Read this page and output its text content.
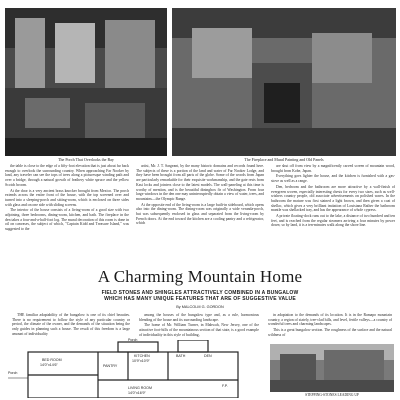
The Porch That Overlooks the Bay	The Fireplace and Mural Painting and Old Panels

the table is close to the edge of a fifty-foot elevation that is just about far back enough to overlook the surrounding country. When approaching Far Nooker by land, any traveler can see the tops of trees along a picturesque winding path and over a bridge, through a natural growth of feathery white spruce and the yellow Scotch broom.

At the door is a very ancient brass knocker brought from Mexico. The porch extends across the entire front of the house, with the top screened over and turned into a sleeping-porch and sitting-room, which is enclosed on three sides with glass and on one side with sliding screens.

The interior of the house consists of a living-room of a good size with two adjoining, three bedrooms, dining-room, kitchen, and bath. The fireplace in the den takes a four-and-a-half-foot log. The mural decoration of this room is done in oil on canvases, the subject of which, "Captain Kidd and Treasure Island," was suggested to the

artist, Mr. J. T. Sargeant, by the many historic domains and records found here. The subjects of these is a portion of the land and water of Far Nooker Lodge, and they have been brought from all parts of the globe. Some of the woods from Japan are particularly remarkable for their exquisite workmanship, and the gate rests from Kasi locks and jointers close to the latest models. The wall-paneling at this time is worthy of mention, and is the beautiful diningbox fir of Washington. From four large windows in the den one may uninterruptedly obtain a view of water, trees, and mountains—the Olympic Range.

At the opposite end of the living-room is a large built-in sideboard, which opens also into the dining-room. The dining-room was originally a wide veranda-porch, but was subsequently enclosed in glass and separated from the living-room by French doors. At the end toward the kitchen are a cooling pantry and a refrigerator, which

are shut off from view by a magnificently carved screen of mountain wood, brought from Kobe, Japan.

Everything goes lighter the house, and the kitchen is furnished with a gas-stove as well as a range.

Den, bedroom and the bathroom are more attractive by a wall-finish of evergreen woven, especially interesting chests for every two sizes, such as well-wishers country people, old associate advertisements on polished wares. In the bathroom the mature was first stained a light brown, and then given a coat of shellac, which gives a very brilliant imitation of Louisiana Rather the bathroom mantle was shellacked tray, and has the appearance of whole cypress.

A private floating-dock runs out to the lake, a distance of two hundred and ten feet, and is reached from the regular steamers arriving a four minutes by power down; so by land, it is a ten-minutes walk along the shore line.

A Charming Mountain Home
FIELD STONES AND SHINGLES ATTRACTIVELY COMBINED IN A BUNGALOW
WHICH HAS MANY UNIQUE FEATURES THAT ARE OF SUGGESTIVE VALUE
By MALCOLM G. GORDON

THE familiar adaptability of the bungalow is one of its chief beauties. There is no requirement to follow the style of any particular country or period, the climate of the owner, and the demands of the situation being the only guides in planning such a house. The result of this freedom is a large amount of individuality

among the houses of the bungalow type and, as a rule, harmonious blending of the house and its surrounding landscape.

The home of Mr. William Turner, in Mahwah, New Jersey, one of the attractive foot-hills of the mountainous section of that state, is a good example of individuality in this style of building,

in adaptation to the demands of its location. It is in the Ramapo mountain country, a region of stately, tree-clad hills, and level, fertile valleys—a country of wonderful trees and charming landscapes.

This is a great bungalow section. The roughness of the surface and the natural wildness of

Porch
KITCHEN
10'9"x10'9"
PANTRY
BATH	DEN
BED ROOM
14'0"x14'6"
LIVING ROOM
14'0"x16'9"
F.P.
Porch
STEPPING-STONES LEADING UP
